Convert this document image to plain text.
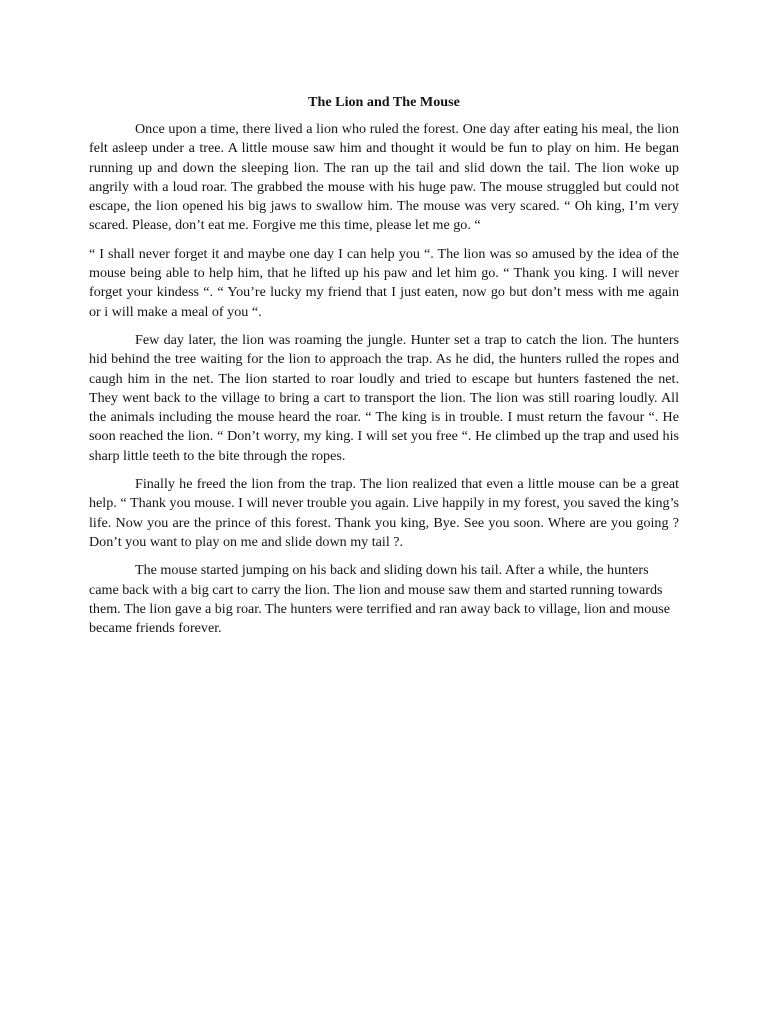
The Lion and The Mouse

Once upon a time, there lived a lion who ruled the forest. One day after eating his meal, the lion felt asleep under a tree. A little mouse saw him and thought it would be fun to play on him. He began running up and down the sleeping lion. The ran up the tail and slid down the tail. The lion woke up angrily with a loud roar. The grabbed the mouse with his huge paw. The mouse struggled but could not escape, the lion opened his big jaws to swallow him. The mouse was very scared. “ Oh king, I’m very scared. Please, don’t eat me. Forgive me this time, please let me go. “

“ I shall never forget it and maybe one day I can help you “. The lion was so amused by the idea of the mouse being able to help him, that he lifted up his paw and let him go. “ Thank you king. I will never forget your kindess “. “ You’re lucky my friend that I just eaten, now go but don’t mess with me again or i will make a meal of you “.

Few day later, the lion was roaming the jungle. Hunter set a trap to catch the lion. The hunters hid behind the tree waiting for the lion to approach the trap. As he did, the hunters rulled the ropes and caugh him in the net. The lion started to roar loudly and tried to escape but hunters fastened the net. They went back to the village to bring a cart to transport the lion. The lion was still roaring loudly. All the animals including the mouse heard the roar. “ The king is in trouble. I must return the favour “. He soon reached the lion. “ Don’t worry, my king. I will set you free “. He climbed up the trap and used his sharp little teeth to the bite through the ropes.

Finally he freed the lion from the trap. The lion realized that even a little mouse can be a great help. “ Thank you mouse. I will never trouble you again. Live happily in my forest, you saved the king’s life. Now you are the prince of this forest. Thank you king, Bye. See you soon. Where are you going ? Don’t you want to play on me and slide down my tail ?.

The mouse started jumping on his back and sliding down his tail. After a while, the hunters came back with a big cart to carry the lion. The lion and mouse saw them and started running towards them. The lion gave a big roar. The hunters were terrified and ran away back to village, lion and mouse became friends forever.
